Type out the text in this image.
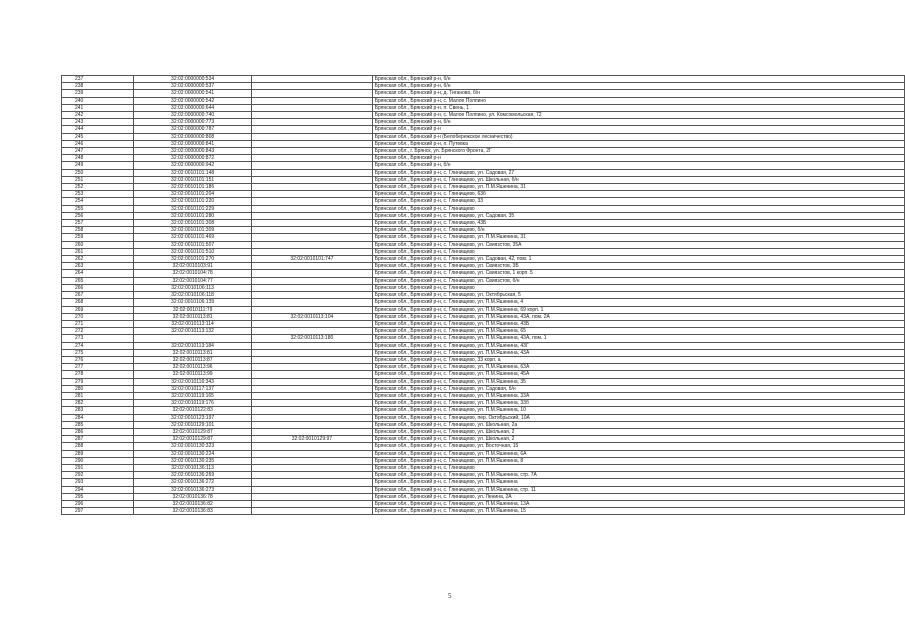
237	32:02:0000000:534		Брянская обл., Брянский р-н, б/н
238	32:02:0000000:537		Брянская обл., Брянский р-н, б/н
239	32:02:0000000:541		Брянская обл., Брянский р-н, д. Тиганово, б/н
240	32:02:0000000:542		Брянская обл., Брянский р-н, с. Малое Полпино
241	32:02:0000000:644		Брянская обл., Брянский р-н, п. Свень, 1
242	32:02:0000000:740		Брянская обл., Брянский р-н, с. Малое Полпино, ул. Комсомольская, 72
243	32:02:0000000:773		Брянская обл., Брянский р-н, б/н
244	32:02:0000000:787		Брянская обл., Брянский р-н
245	32:02:0000000:808		Брянская обл., Брянский р-н (Белобережское лесничество)
246	32:02:0000000:841		Брянская обл., Брянский р-н, п. Путевка
247	32:02:0000000:843		Брянская обл., г. Брянск, ул. Брянского Фронта, 2Г
248	32:02:0000000:872		Брянская обл., Брянский р-н
249	32:02:0000000:942		Брянская обл., Брянский р-н, б/н
250	32:02:0010101:148		Брянская обл., Брянский р-н, с. Глинищево, ул. Садовая, 27
251	32:02:0010101:151		Брянская обл., Брянский р-н, с. Глинищево, ул. Школьная, б/н
252	32:02:0010101:186		Брянская обл., Брянский р-н, с. Глинищево, ул. П.М.Яшенина, 31
253	32:02:0010101:204		Брянская обл., Брянский р-н, с. Глинищево, 63б
254	32:02:0010101:220		Брянская обл., Брянский р-н, с. Глинищево, 33
255	32:02:0010101:229		Брянская обл., Брянский р-н, с. Глинищево
256	32:02:0010101:280		Брянская обл., Брянский р-н, с. Глинищево, ул. Садовая, 35
257	32:02:0010101:308		Брянская обл., Брянский р-н, с. Глинищево, 43Б
258	32:02:0010101:309		Брянская обл., Брянский р-н, с. Глинищево, б/н
259	32:02:0010101:469		Брянская обл., Брянский р-н, с. Глинищево, ул. П.М.Яшенина, 31
260	32:02:0010101:507		Брянская обл., Брянский р-н, с. Глинищево, ул. Свиязстов, 35А
261	32:02:0010101:510		Брянская обл., Брянский р-н, с. Глинищево
262	32:02:0010101:270	32:02:0010101:747	Брянская обл., Брянский р-н, с. Глинищево, ул. Садовая, 42, пом. 1
263	32:02:0010103:91		Брянская обл., Брянский р-н, с. Глинищево, ул. Свиязстов, 3Б
264	32:02:0010104:78		Брянская обл., Брянский р-н, с. Глинищево, ул. Свиязстов, 1 корп. 5
265	32:02:0010104:77		Брянская обл., Брянский р-н, с. Глинищево, ул. Свиязстов, б/н
266	32:02:0010106:113		Брянская обл., Брянский р-н, с. Глинищево
267	32:02:0010106:118		Брянская обл., Брянский р-н, с. Глинищево, ул. Октябрьская, 5
268	32:02:0010106:139		Брянская обл., Брянский р-н, с. Глинищево, ул. П.М.Яшенина, 4
269	32:02:0010111:79		Брянская обл., Брянский р-н, с. Глинищево, ул. П.М.Яшенина, 69 корп. 1
270	32:02:0010113:81	32:02:0010113:104	Брянская обл., Брянский р-н, с. Глинищево, ул. П.М.Яшенина, 43А, пом. 2А
271	32:02:0010113:114		Брянская обл., Брянский р-н, с. Глинищево, ул. П.М.Яшенина, 43Б
272	32:02:0010113:132		Брянская обл., Брянский р-н, с. Глинищево, ул. П.М.Яшенина, 65
273		32:02:0010113:180	Брянская обл., Брянский р-н, с. Глинищево, ул. П.М.Яшенина, 43А, пом. 1
274	32:02:0010113:184		Брянская обл., Брянский р-н, с. Глинищево, ул. П.М.Яшенина, 43Г
275	32:02:0010113:81		Брянская обл., Брянский р-н, с. Глинищево, ул. П.М.Яшенина, 43А
276	32:02:0010113:87		Брянская обл., Брянский р-н, с. Глинищево, 33 корп. а
277	32:02:0010113:96		Брянская обл., Брянский р-н, с. Глинищево, ул. П.М.Яшенина, 63А
278	32:02:0010113:99		Брянская обл., Брянский р-н, с. Глинищево, ул. П.М.Яшенина, 45А
279	32:02:0010116:343		Брянская обл., Брянский р-н, с. Глинищево, ул. П.М.Яшенина, 35
280	32:02:0010117:137		Брянская обл., Брянский р-н, с. Глинищево, ул. Садовая, б/н
281	32:02:0010119:165		Брянская обл., Брянский р-н, с. Глинищево, ул. П.М.Яшенина, 33А
282	32:02:0010119:176		Брянская обл., Брянский р-н, с. Глинищево, ул. П.М.Яшенина, 33б
283	32:02:0010122:83		Брянская обл., Брянский р-н, с. Глинищево, ул. П.М.Яшенина, 10
284	32:02:0010123:197		Брянская обл., Брянский р-н, с. Глинищево, пер. Октябрьский, 10А
285	32:02:0010129:101		Брянская обл., Брянский р-н, с. Глинищево, ул. Школьная, 2а
286	32:02:0010129:87		Брянская обл., Брянский р-н, с. Глинищево, ул. Школьная, 2
287	32:02:0010129:87	32:02:0010129:97	Брянская обл., Брянский р-н, с. Глинищево, ул. Школьная, 2
288	32:02:0010130:323		Брянская обл., Брянский р-н, с. Глинищево, ул. Восточная, 15
289	32:02:0010130:224		Брянская обл., Брянский р-н, с. Глинищево, ул. П.М.Яшенина, 6А
290	32:02:0010130:235		Брянская обл., Брянский р-н, с. Глинищево, ул. П.М.Яшенина, 8
291	32:02:0010136:113		Брянская обл., Брянский р-н, с. Глинищево
292	32:02:0010136:269		Брянская обл., Брянский р-н, с. Глинищево, ул. П.М.Яшенина, стр. 7А
293	32:02:0010136:272		Брянская обл., Брянский р-н, с. Глинищево, ул. П.М.Яшенина
294	32:02:0010136:273		Брянская обл., Брянский р-н, с. Глинищево, ул. П.М.Яшенина, стр. 11
295	32:02:0010136:78		Брянская обл., Брянский р-н, с. Глинищево, ул. Ленина, 2А
296	32:02:0010136:82		Брянская обл., Брянский р-н, с. Глинищево, ул. П.М.Яшенина, 13А
297	32:02:0010136:83		Брянская обл., Брянский р-н, с. Глинищево, ул. П.М.Яшенина, 15
5
